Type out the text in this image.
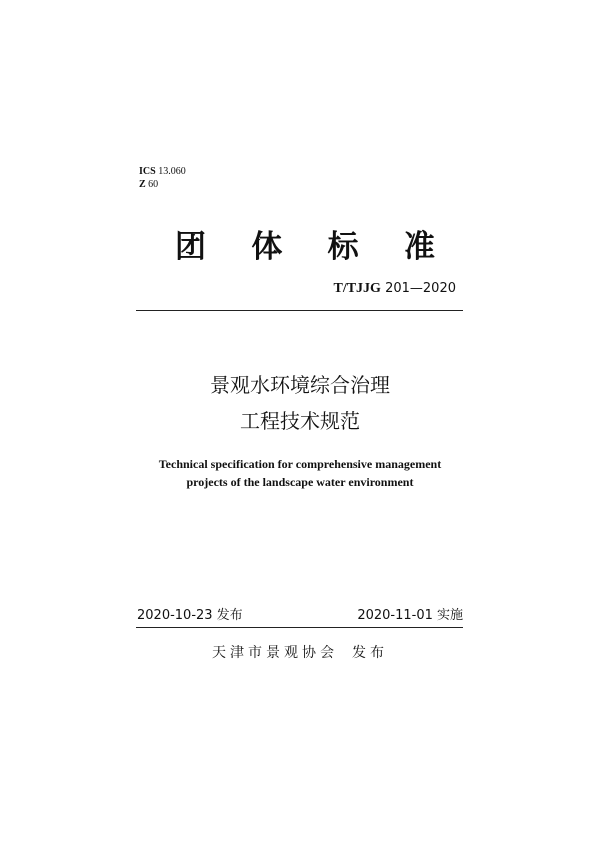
ICS 13.060
Z 60
团 体 标 准
T/TJJG 201—2020
景观水环境综合治理
工程技术规范
Technical specification for comprehensive management
projects of the landscape water environment
2020-10-23 发布	2020-11-01 实施
天津市景观协会 发布
